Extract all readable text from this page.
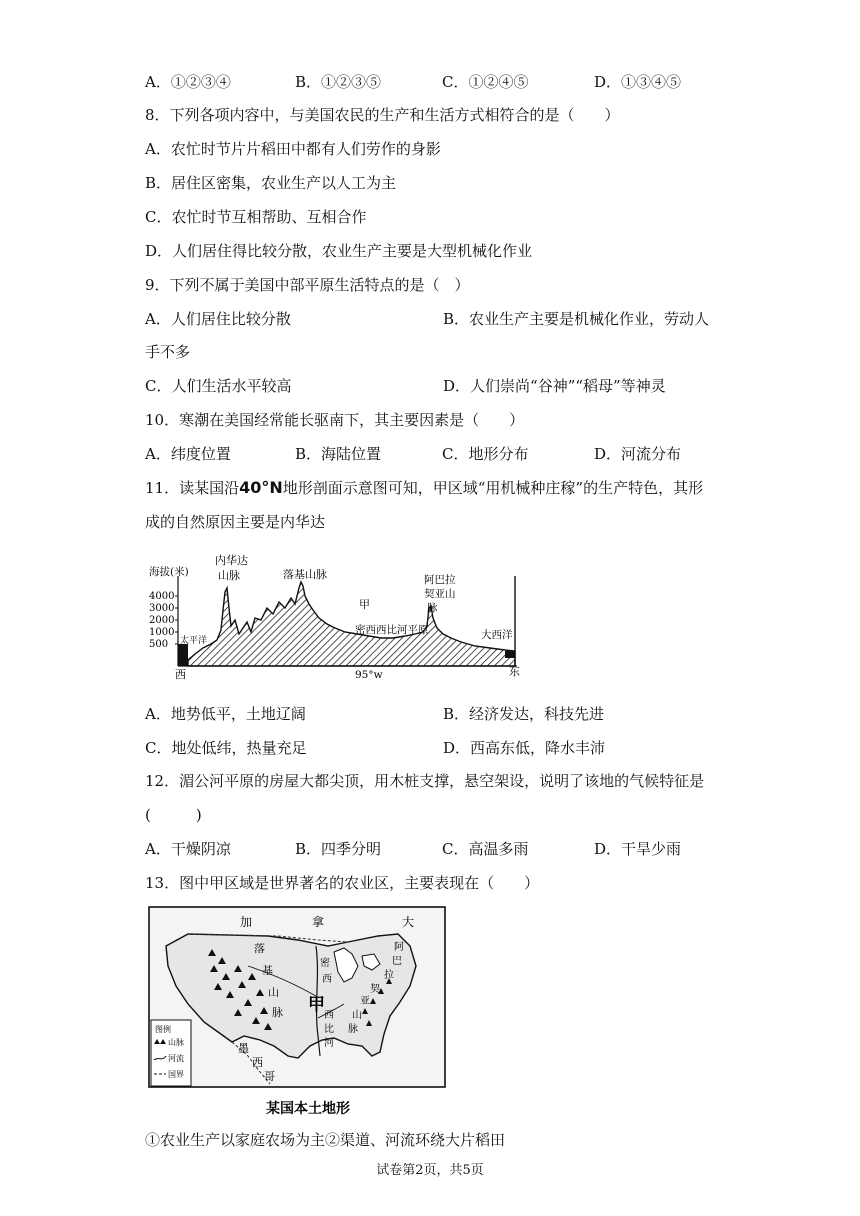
A．①②③④	B．①②③⑤	C．①②④⑤	D．①③④⑤
8．下列各项内容中，与美国农民的生产和生活方式相符合的是（　　）
A．农忙时节片片稻田中都有人们劳作的身影
B．居住区密集，农业生产以人工为主
C．农忙时节互相帮助、互相合作
D．人们居住得比较分散，农业生产主要是大型机械化作业
9．下列不属于美国中部平原生活特点的是（　）
A．人们居住比较分散	B．农业生产主要是机械化作业，劳动人
手不多
C．人们生活水平较高	D．人们崇尚“谷神”“稻母”等神灵
10．寒潮在美国经常能长驱南下，其主要因素是（　　）
A．纬度位置	B．海陆位置	C．地形分布	D．河流分布
11．读某国沿40°N地形剖面示意图可知，甲区域“用机械种庄稼”的生产特色，其形
成的自然原因主要是内华达
海拔(米)
4000
3000
2000
1000
500
内华达
山脉	落基山脉
甲
密西西比河平原
阿巴拉
契亚山
脉
太平洋	大西洋
西	东
95°w
A．地势低平，土地辽阔	B．经济发达，科技先进
C．地处低纬，热量充足	D．西高东低，降水丰沛
12．湄公河平原的房屋大都尖顶，用木桩支撑，悬空架设，说明了该地的气候特征是
(　　　)
A．干燥阴凉	B．四季分明	C．高温多雨	D．干旱少雨
13．图中甲区域是世界著名的农业区，主要表现在（　　）
加	拿	大
落
基
山
脉
密
西
西
比
河
甲
阿
巴
拉
契
亚
山
脉
墨
西
哥
图例
山脉
河流
国界
某国本土地形
①农业生产以家庭农场为主②渠道、河流环绕大片稻田
试卷第2页，共5页
